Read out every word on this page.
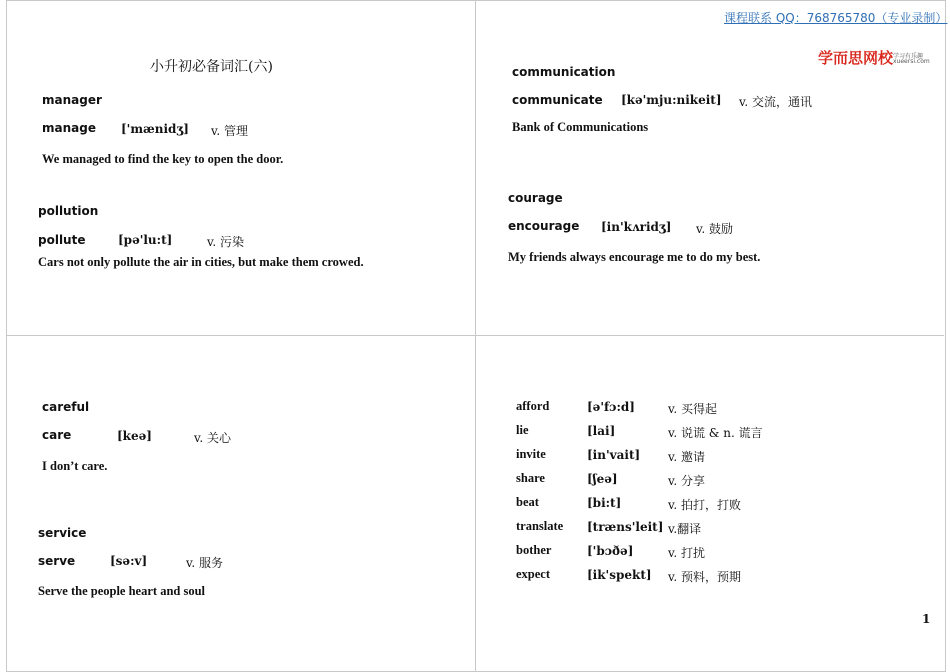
课程联系 QQ：768765780（专业录制）
学而思网校 学习有乐趣
xueersi.com
小升初必备词汇(六)
manager
manage ['mænidʒ] v. 管理
We managed to find the key to open the door.
pollution
pollute	[pə'lu:t]	v. 污染
Cars not only pollute the air in cities, but make them crowed.
communication
communicate [kə'mju:nikeit] v. 交流，通讯
Bank of Communications
courage
encourage [in'kʌridʒ] v. 鼓励
My friends always encourage me to do my best.
careful
care	[keə]	v. 关心
I don’t care.
service
serve	[sə:v]	v. 服务
Serve the people heart and soul
afford	[ə'fɔ:d]	v. 买得起
lie	[lai]	v. 说谎 & n. 谎言
invite	[in'vait] v. 邀请
share	[ʃeə]	v. 分享
beat	[bi:t]	v. 拍打，打败
translate [træns'leit] v.翻译
bother	['bɔðə]	v. 打扰
expect	[ik'spekt] v. 预料，预期
1
